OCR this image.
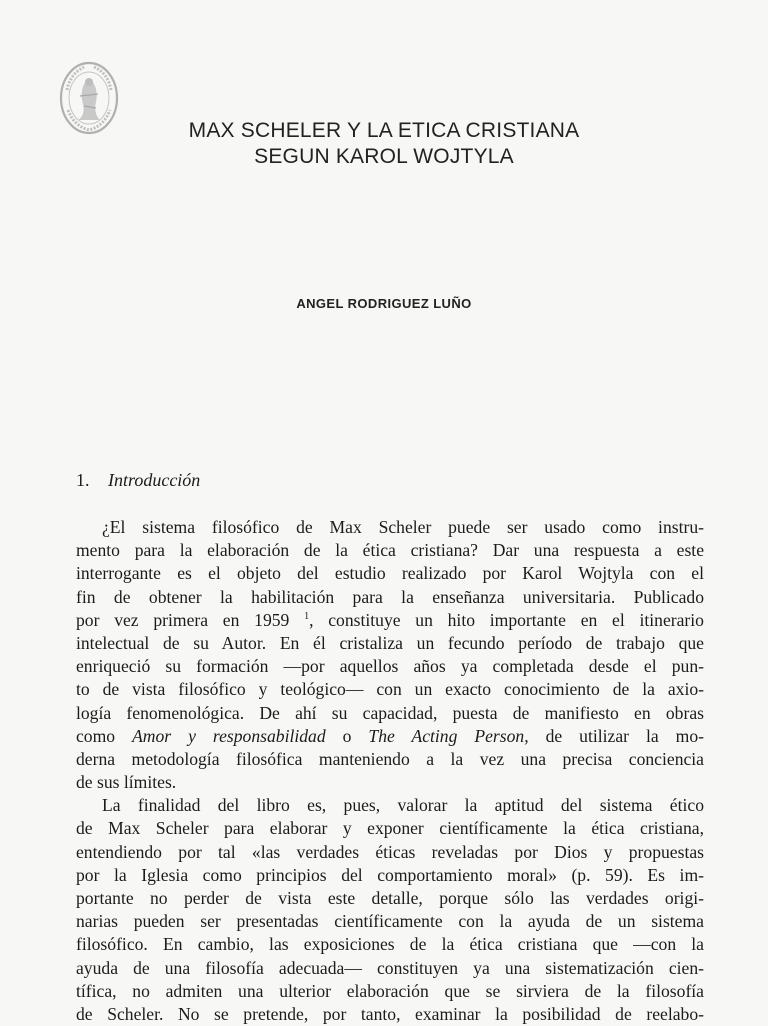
MAX SCHELER Y LA ETICA CRISTIANA
SEGUN KAROL WOJTYLA
ANGEL RODRIGUEZ LUÑO
1. Introducción
¿El sistema filosófico de Max Scheler puede ser usado como instru-
mento para la elaboración de la ética cristiana? Dar una respuesta a este
interrogante es el objeto del estudio realizado por Karol Wojtyla con el
fin de obtener la habilitación para la enseñanza universitaria. Publicado
por vez primera en 1959 $^1$, constituye un hito importante en el itinerario
intelectual de su Autor. En él cristaliza un fecundo período de trabajo que
enriqueció su formación —por aquellos años ya completada desde el pun-
to de vista filosófico y teológico— con un exacto conocimiento de la axio-
logía fenomenológica. De ahí su capacidad, puesta de manifiesto en obras
como Amor y responsabilidad o The Acting Person, de utilizar la mo-
derna metodología filosófica manteniendo a la vez una precisa conciencia
de sus límites.
La finalidad del libro es, pues, valorar la aptitud del sistema ético
de Max Scheler para elaborar y exponer científicamente la ética cristiana,
entendiendo por tal «las verdades éticas reveladas por Dios y propuestas
por la Iglesia como principios del comportamiento moral» (p. 59). Es im-
portante no perder de vista este detalle, porque sólo las verdades origi-
narias pueden ser presentadas científicamente con la ayuda de un sistema
filosófico. En cambio, las exposiciones de la ética cristiana que —con la
ayuda de una filosofía adecuada— constituyen ya una sistematización cien-
tífica, no admiten una ulterior elaboración que se sirviera de la filosofía
de Scheler. No se pretende, por tanto, examinar la posibilidad de reelabo-
